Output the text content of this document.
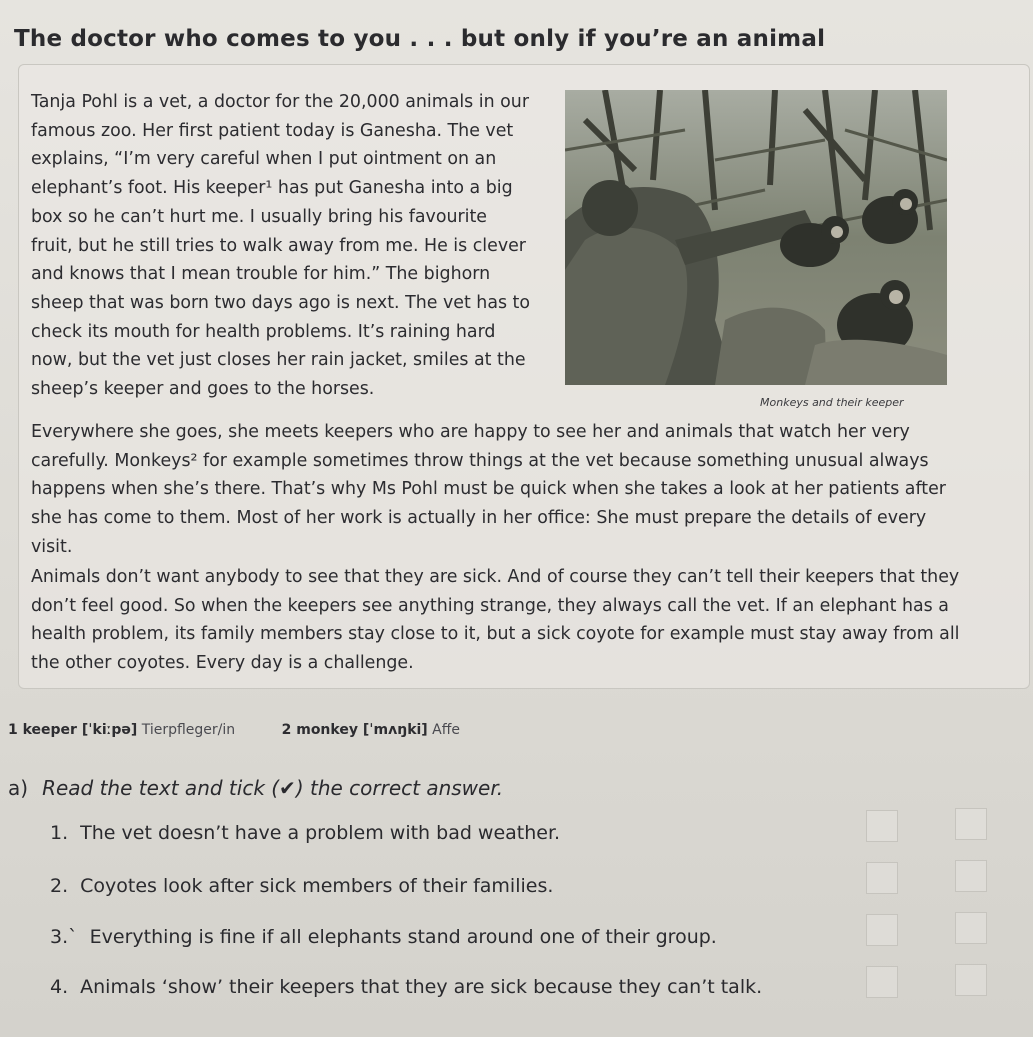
The doctor who comes to you . . . but only if you’re an animal
Tanja Pohl is a vet, a doctor for the 20,000 animals in our famous zoo. Her first patient today is Ganesha. The vet explains, “I’m very careful when I put ointment on an elephant’s foot. His keeper¹ has put Ganesha into a big box so he can’t hurt me. I usually bring his favourite fruit, but he still tries to walk away from me. He is clever and knows that I mean trouble for him.” The bighorn sheep that was born two days ago is next. The vet has to check its mouth for health problems. It’s raining hard now, but the vet just closes her rain jacket, smiles at the sheep’s keeper and goes to the horses.
Monkeys and their keeper
Everywhere she goes, she meets keepers who are happy to see her and animals that watch her very carefully. Monkeys² for example sometimes throw things at the vet because something unusual always happens when she’s there. That’s why Ms Pohl must be quick when she takes a look at her patients after she has come to them. Most of her work is actually in her office: She must prepare the details of every visit.
Animals don’t want anybody to see that they are sick. And of course they can’t tell their keepers that they don’t feel good. So when the keepers see anything strange, they always call the vet. If an elephant has a health problem, its family members stay close to it, but a sick coyote for example must stay away from all the other coyotes. Every day is a challenge.
1 keeper [ˈkiːpə] Tierpfleger/in	2 monkey [ˈmʌŋki] Affe
a) Read the text and tick (✔) the correct answer.
1. The vet doesn’t have a problem with bad weather.
2. Coyotes look after sick members of their families.
3.` Everything is fine if all elephants stand around one of their group.
4. Animals ‘show’ their keepers that they are sick because they can’t talk.
